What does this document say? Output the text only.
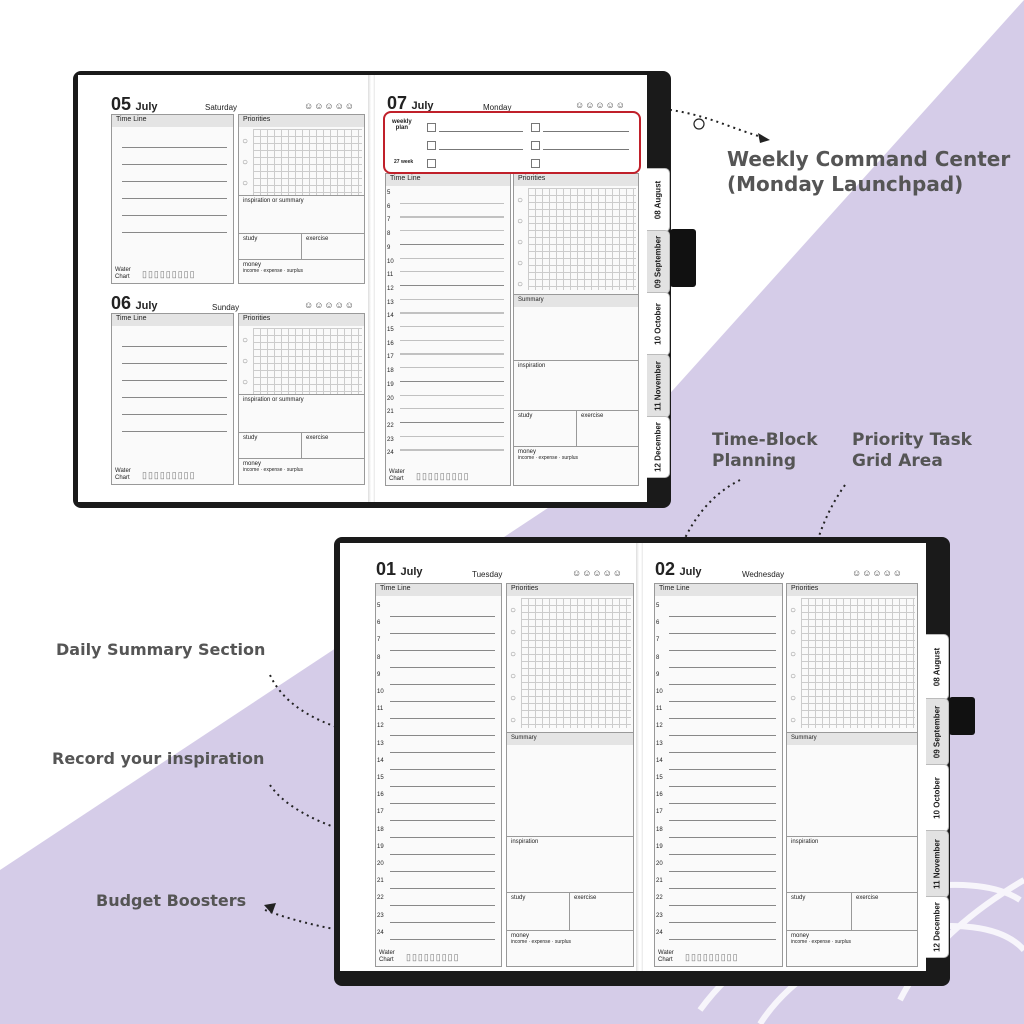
Weekly Command Center
(Monday Launchpad)
Time-Block
Planning
Priority Task
Grid Area
Daily Summary Section
Record your inspiration
Budget Boosters
05 July	Saturday	☺☺☺☺☺
Time Line
Water
Chart ▯▯▯▯▯▯▯▯▯
Priorities
○
○
○
inspiration or summary
study	exercise
money
income · expense · surplus
06 July	Sunday	☺☺☺☺☺
Time Line
Water
Chart ▯▯▯▯▯▯▯▯▯
Priorities
○
○
○
inspiration or summary
study	exercise
money
income · expense · surplus
07 July	Monday	☺☺☺☺☺
weekly
plan
27 week
Time Line
5
6
7
8
9
10
11
12
13
14
15
16
17
18
19
20
21
22
23
24
Water
Chart ▯▯▯▯▯▯▯▯▯
Priorities
○
○
○
○
○
Summary
inspiration
study	exercise
money
income · expense · surplus
08 August
09 September
10 October
11 November
12 December
01 July	Tuesday	☺☺☺☺☺
Time Line
5
6
7
8
9
10
11
12
13
14
15
16
17
18
19
20
21
22
23
24
Water
Chart ▯▯▯▯▯▯▯▯▯
Priorities
○
○
○
○
○
○
Summary
inspiration
study	exercise
money
income · expense · surplus
02 July	Wednesday	☺☺☺☺☺
Time Line
5
6
7
8
9
10
11
12
13
14
15
16
17
18
19
20
21
22
23
24
Water
Chart ▯▯▯▯▯▯▯▯▯
Priorities
○
○
○
○
○
○
Summary
inspiration
study	exercise
money
income · expense · surplus
08 August
09 September
10 October
11 November
12 December
